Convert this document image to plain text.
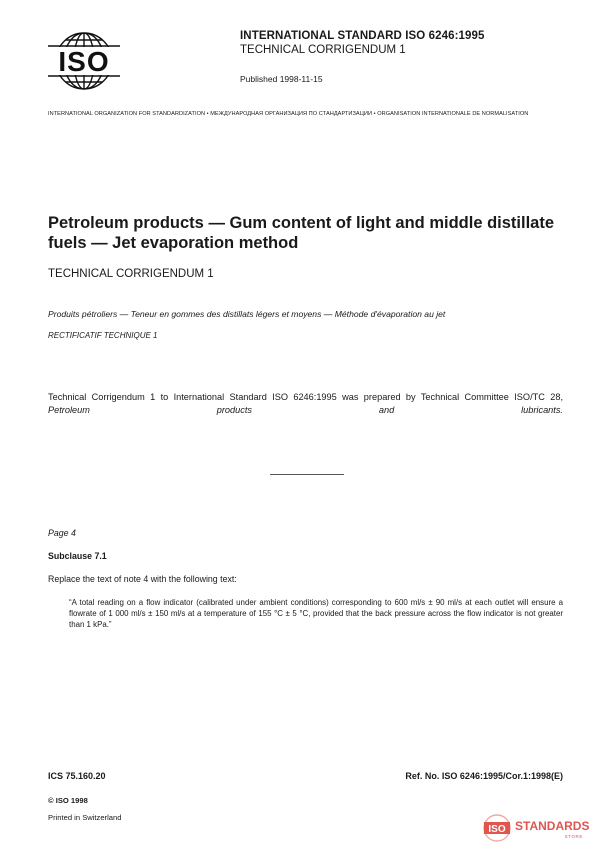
ISO
INTERNATIONAL STANDARD ISO 6246:1995
TECHNICAL CORRIGENDUM 1
Published 1998-11-15
INTERNATIONAL ORGANIZATION FOR STANDARDIZATION • МЕЖДУНАРОДНАЯ ОРГАНИЗАЦИЯ ПО СТАНДАРТИЗАЦИИ • ORGANISATION INTERNATIONALE DE NORMALISATION
Petroleum products — Gum content of light and middle distillate fuels — Jet evaporation method
TECHNICAL CORRIGENDUM 1
Produits pétroliers — Teneur en gommes des distillats légers et moyens — Méthode d'évaporation au jet
RECTIFICATIF TECHNIQUE 1

Technical Corrigendum 1 to International Standard ISO 6246:1995 was prepared by Technical Committee ISO/TC 28, Petroleum products and lubricants.

Page 4
Subclause 7.1
Replace the text of note 4 with the following text:

“A total reading on a flow indicator (calibrated under ambient conditions) corresponding to 600 ml/s ± 90 ml/s at each outlet will ensure a flowrate of 1 000 ml/s ± 150 ml/s at a temperature of 155 °C ± 5 °C, provided that the back pressure across the flow indicator is not greater than 1 kPa.”

ICS 75.160.20	Ref. No. ISO 6246:1995/Cor.1:1998(E)
© ISO 1998
Printed in Switzerland
ISO STANDARDS
STORE
